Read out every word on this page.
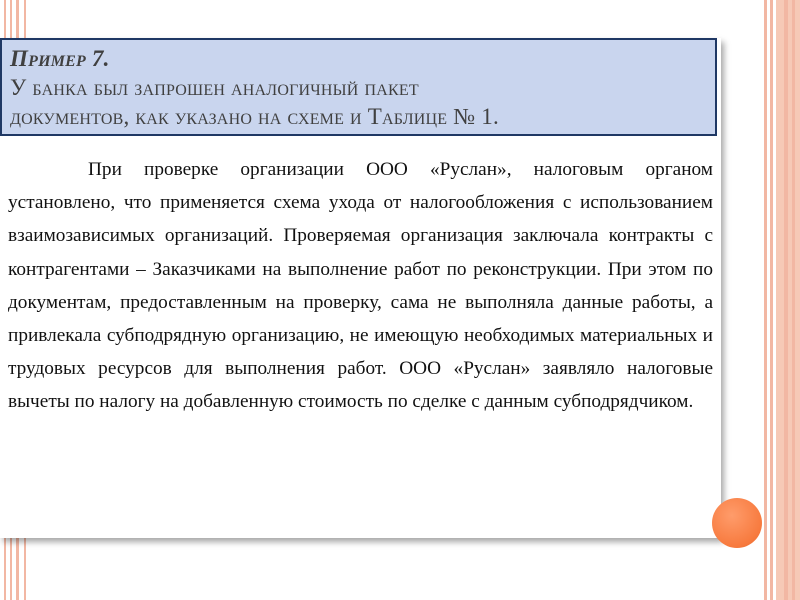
Пример 7.
У банка был запрошен аналогичный пакет
документов, как указано на схеме и Таблице № 1.

При проверке организации ООО «Руслан», налоговым органом установлено, что применяется схема ухода от налогообложения с использованием взаимозависимых организаций. Проверяемая организация заключала контракты с контрагентами – Заказчиками на выполнение работ по реконструкции. При этом по документам, предоставленным на проверку, сама не выполняла данные работы, а привлекала субподрядную организацию, не имеющую необходимых материальных и трудовых ресурсов для выполнения работ. ООО «Руслан» заявляло налоговые вычеты по налогу на добавленную стоимость по сделке с данным субподрядчиком.
